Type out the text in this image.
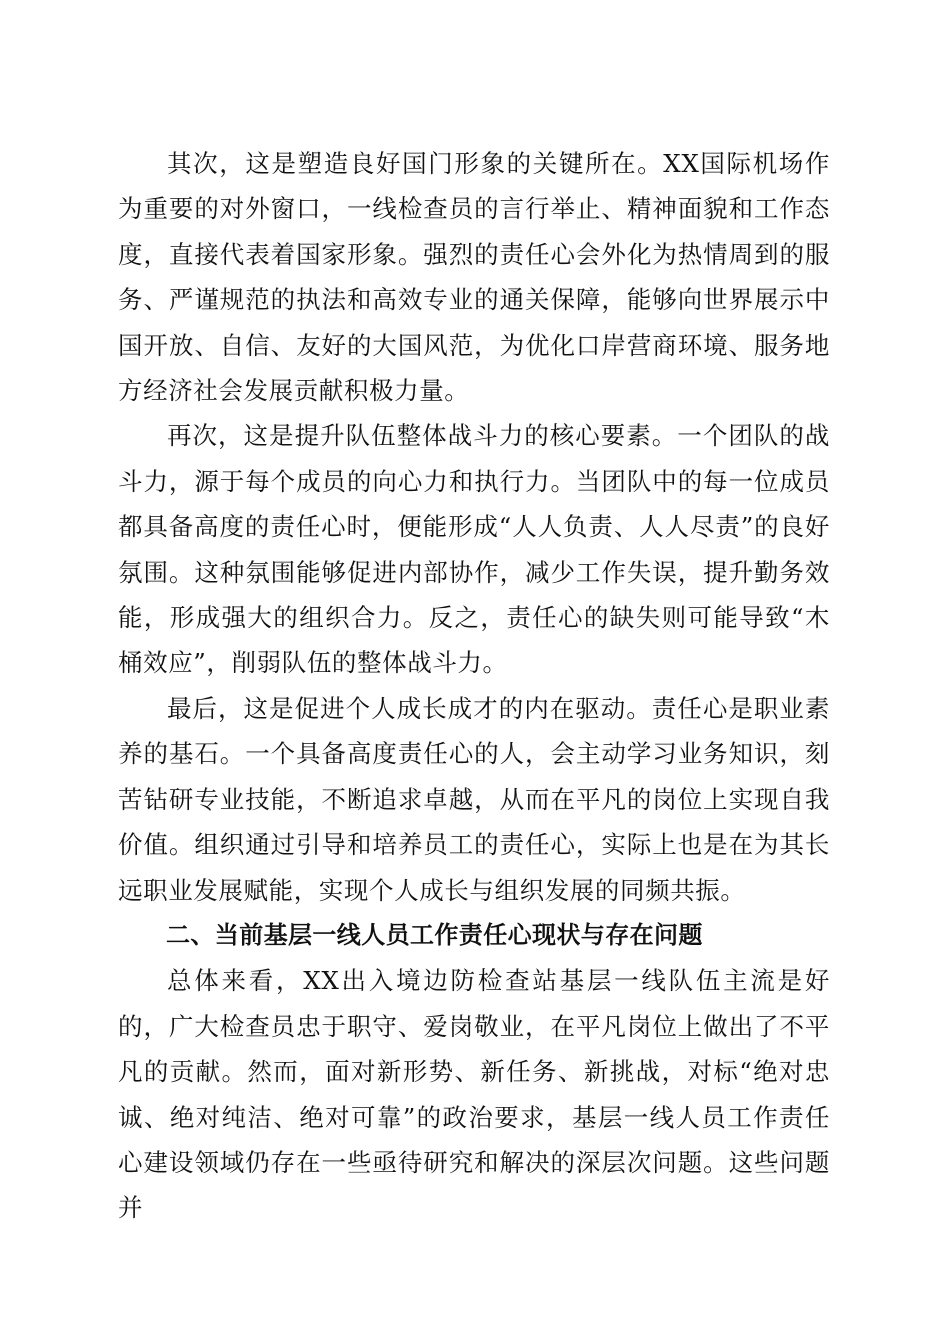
其次，这是塑造良好国门形象的关键所在。XX国际机场作为重要的对外窗口，一线检查员的言行举止、精神面貌和工作态度，直接代表着国家形象。强烈的责任心会外化为热情周到的服务、严谨规范的执法和高效专业的通关保障，能够向世界展示中国开放、自信、友好的大国风范，为优化口岸营商环境、服务地方经济社会发展贡献积极力量。

再次，这是提升队伍整体战斗力的核心要素。一个团队的战斗力，源于每个成员的向心力和执行力。当团队中的每一位成员都具备高度的责任心时，便能形成“人人负责、人人尽责”的良好氛围。这种氛围能够促进内部协作，减少工作失误，提升勤务效能，形成强大的组织合力。反之，责任心的缺失则可能导致“木桶效应”，削弱队伍的整体战斗力。

最后，这是促进个人成长成才的内在驱动。责任心是职业素养的基石。一个具备高度责任心的人，会主动学习业务知识，刻苦钻研专业技能，不断追求卓越，从而在平凡的岗位上实现自我价值。组织通过引导和培养员工的责任心，实际上也是在为其长远职业发展赋能，实现个人成长与组织发展的同频共振。

二、当前基层一线人员工作责任心现状与存在问题

总体来看，XX出入境边防检查站基层一线队伍主流是好的，广大检查员忠于职守、爱岗敬业，在平凡岗位上做出了不平凡的贡献。然而，面对新形势、新任务、新挑战，对标“绝对忠诚、绝对纯洁、绝对可靠”的政治要求，基层一线人员工作责任心建设领域仍存在一些亟待研究和解决的深层次问题。这些问题并
